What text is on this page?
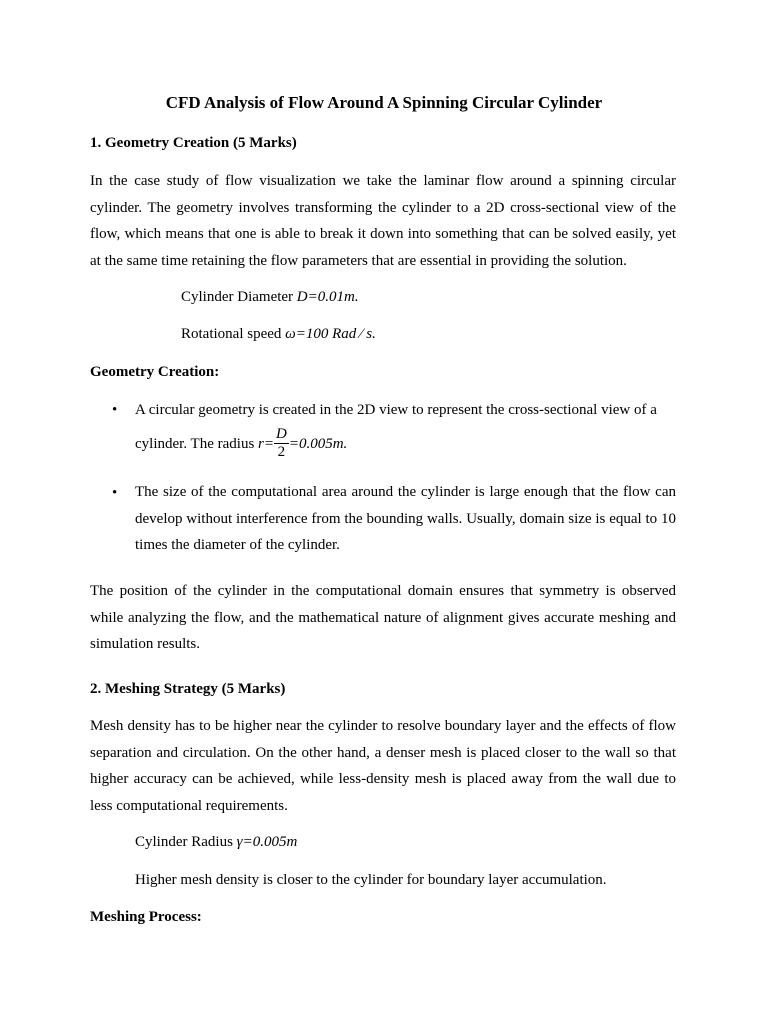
CFD Analysis of Flow Around A Spinning Circular Cylinder
1. Geometry Creation (5 Marks)
In the case study of flow visualization we take the laminar flow around a spinning circular cylinder. The geometry involves transforming the cylinder to a 2D cross-sectional view of the flow, which means that one is able to break it down into something that can be solved easily, yet at the same time retaining the flow parameters that are essential in providing the solution.
Cylinder Diameter D=0.01m.
Rotational speed ω=100 Rad ⁄ s.
Geometry Creation:
• A circular geometry is created in the 2D view to represent the cross-sectional view of a
cylinder. The radius $r= \frac{D}{2} =0.005m$.
• The size of the computational area around the cylinder is large enough that the flow can develop without interference from the bounding walls. Usually, domain size is equal to 10 times the diameter of the cylinder.
The position of the cylinder in the computational domain ensures that symmetry is observed while analyzing the flow, and the mathematical nature of alignment gives accurate meshing and simulation results.
2. Meshing Strategy (5 Marks)
Mesh density has to be higher near the cylinder to resolve boundary layer and the effects of flow separation and circulation. On the other hand, a denser mesh is placed closer to the wall so that higher accuracy can be achieved, while less-density mesh is placed away from the wall due to less computational requirements.
Cylinder Radius γ=0.005m
Higher mesh density is closer to the cylinder for boundary layer accumulation.
Meshing Process:
